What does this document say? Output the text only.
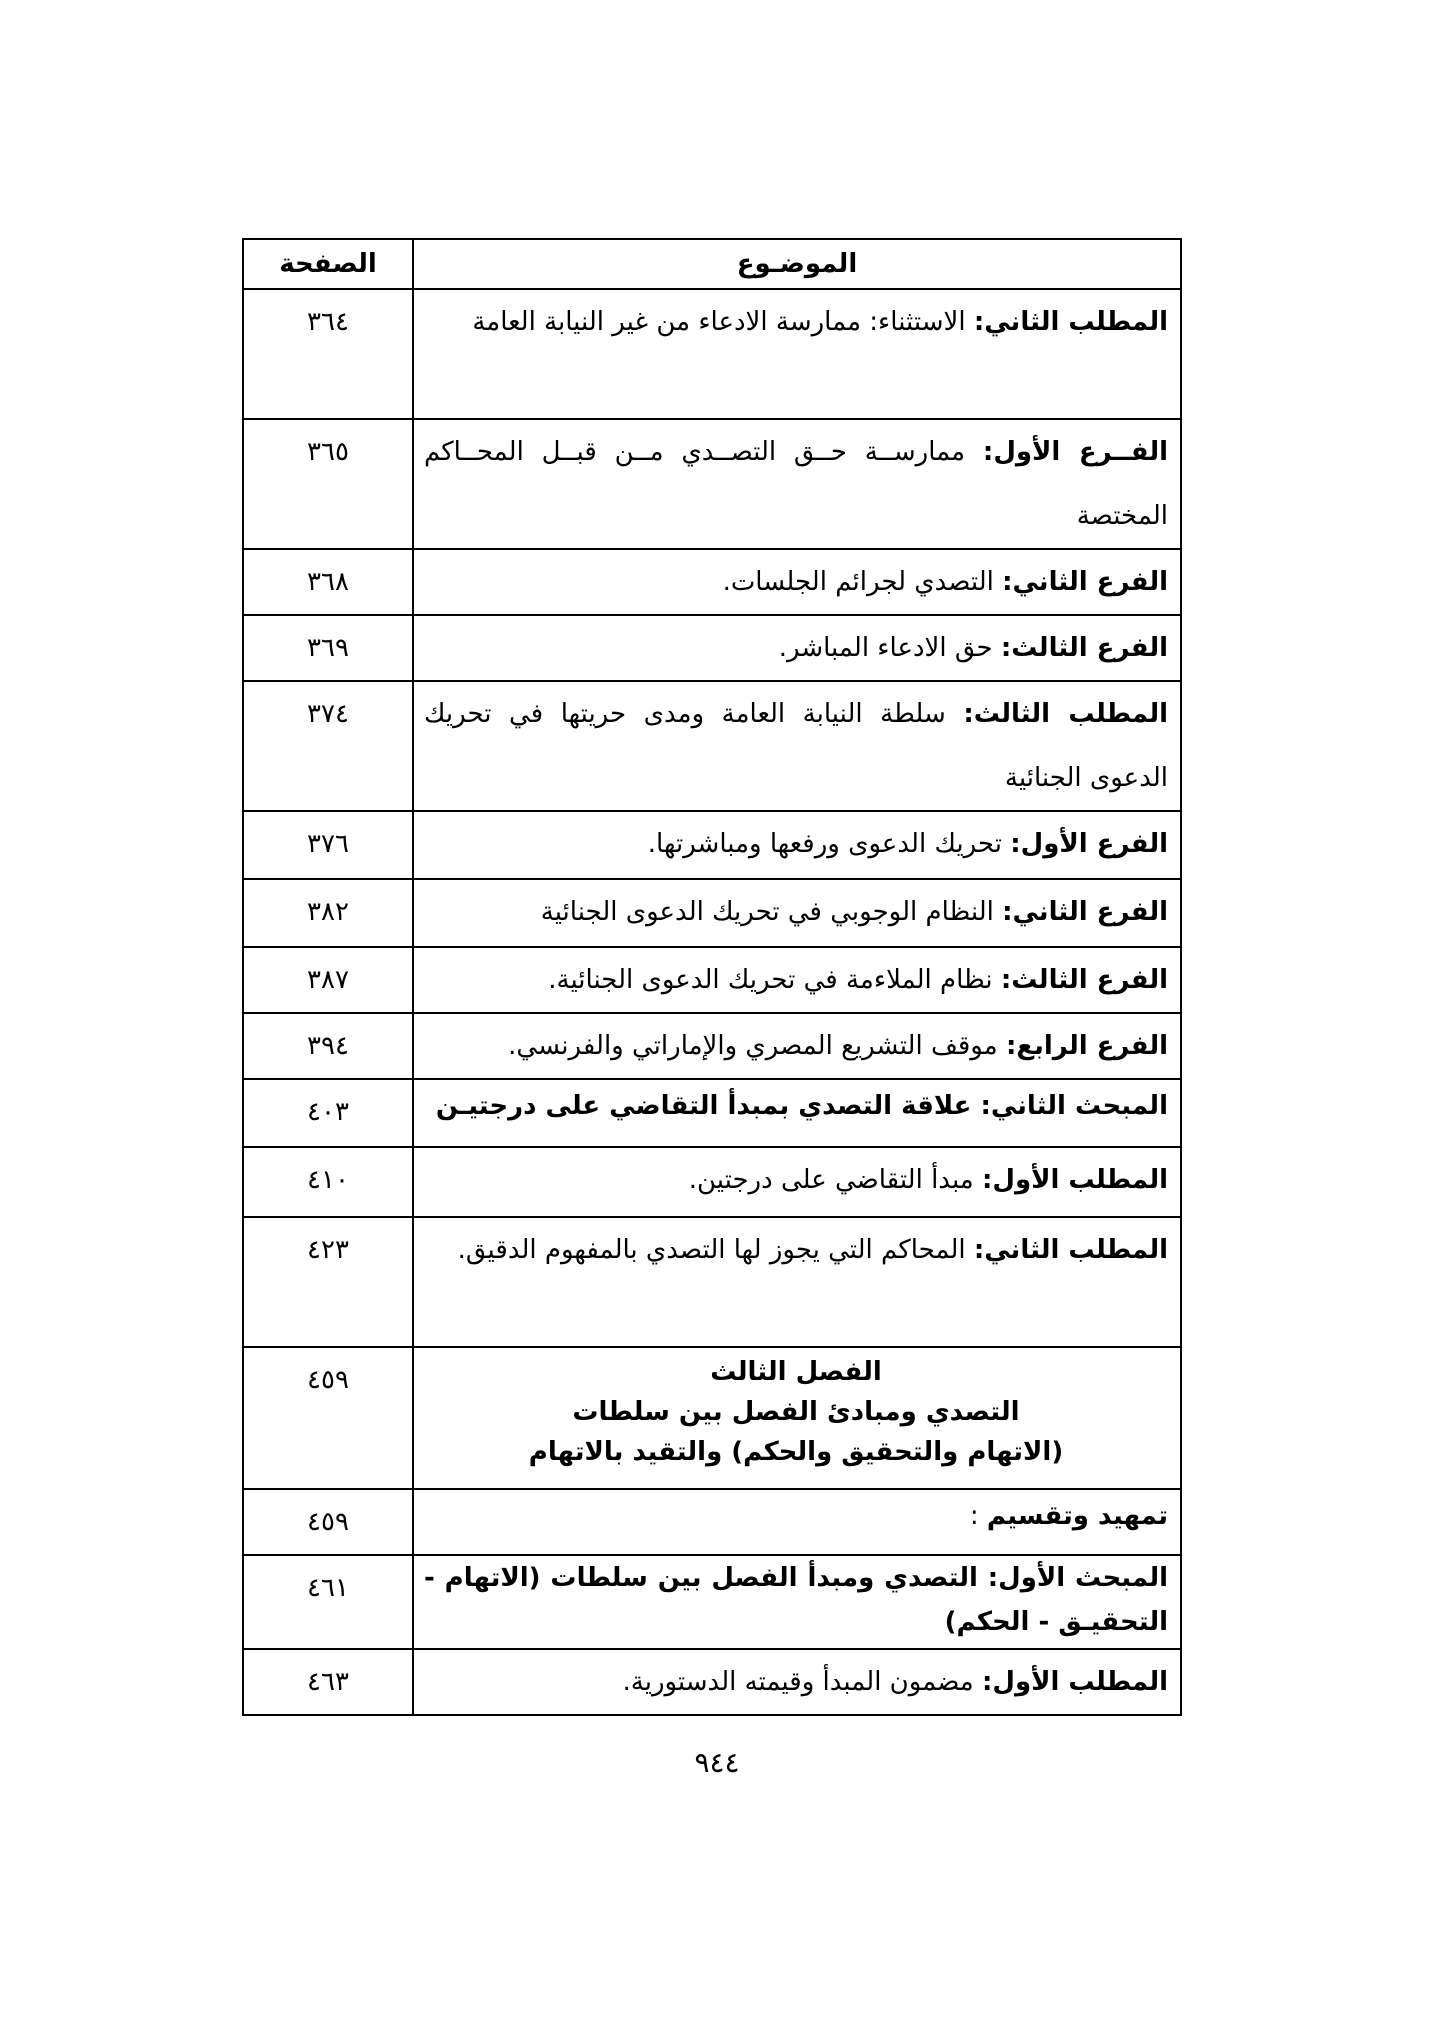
الموضـوع	الصفحة
المطلب الثاني: الاستثناء: ممارسة الادعاء من غير النيابة العامة	٣٦٤
الفــرع الأول: ممارســة حــق التصــدي مــن قبــل المحــاكم المختصة	٣٦٥
الفرع الثاني: التصدي لجرائم الجلسات.	٣٦٨
الفرع الثالث: حق الادعاء المباشر.	٣٦٩
المطلب الثالث: سلطة النيابة العامة ومدى حريتها في تحريك الدعوى الجنائية	٣٧٤
الفرع الأول: تحريك الدعوى ورفعها ومباشرتها.	٣٧٦
الفرع الثاني: النظام الوجوبي في تحريك الدعوى الجنائية	٣٨٢
الفرع الثالث: نظام الملاءمة في تحريك الدعوى الجنائية.	٣٨٧
الفرع الرابع: موقف التشريع المصري والإماراتي والفرنسي.	٣٩٤
المبحث الثاني: علاقة التصدي بمبدأ التقاضي على درجتيـن	٤٠٣
المطلب الأول: مبدأ التقاضي على درجتين.	٤١٠
المطلب الثاني: المحاكم التي يجوز لها التصدي بالمفهوم الدقيق.	٤٢٣

الفصل الثالث
التصدي ومبادئ الفصل بين سلطات
(الاتهام والتحقيق والحكم) والتقيد بالاتهام	٤٥٩
تمهيد وتقسيم :	٤٥٩
المبحث الأول: التصدي ومبدأ الفصل بين سلطات (الاتهام - التحقيـق - الحكم)	٤٦١
المطلب الأول: مضمون المبدأ وقيمته الدستورية.	٤٦٣
٩٤٤
